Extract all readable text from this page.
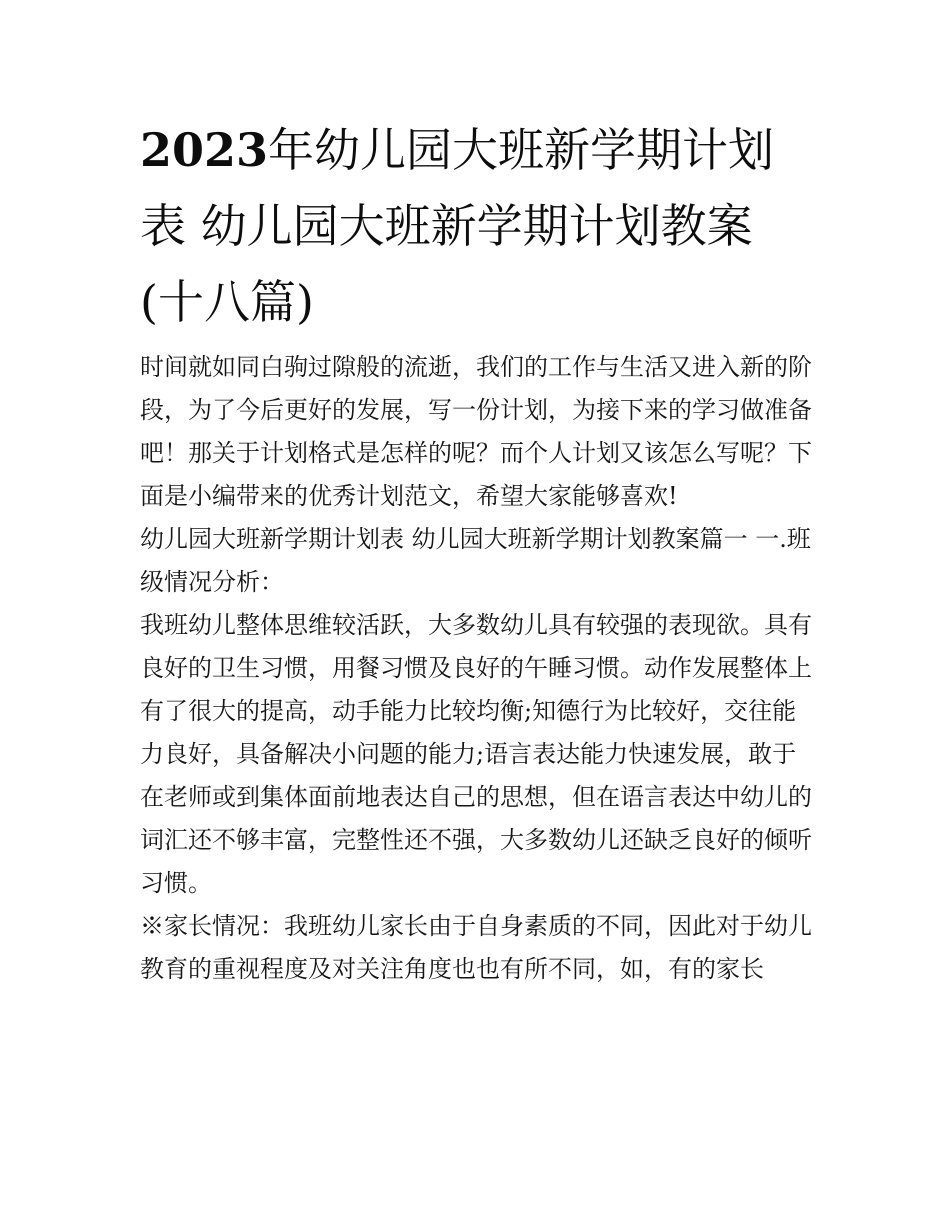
2023年幼儿园大班新学期计划表 幼儿园大班新学期计划教案(十八篇)

时间就如同白驹过隙般的流逝，我们的工作与生活又进入新的阶段，为了今后更好的发展，写一份计划，为接下来的学习做准备吧！那关于计划格式是怎样的呢？而个人计划又该怎么写呢？下面是小编带来的优秀计划范文，希望大家能够喜欢!

幼儿园大班新学期计划表 幼儿园大班新学期计划教案篇一 一.班级情况分析：

我班幼儿整体思维较活跃，大多数幼儿具有较强的表现欲。具有良好的卫生习惯，用餐习惯及良好的午睡习惯。动作发展整体上有了很大的提高，动手能力比较均衡;知德行为比较好，交往能力良好，具备解决小问题的能力;语言表达能力快速发展，敢于在老师或到集体面前地表达自己的思想，但在语言表达中幼儿的词汇还不够丰富，完整性还不强，大多数幼儿还缺乏良好的倾听习惯。

※家长情况：我班幼儿家长由于自身素质的不同，因此对于幼儿教育的重视程度及对关注角度也也有所不同，如，有的家长
